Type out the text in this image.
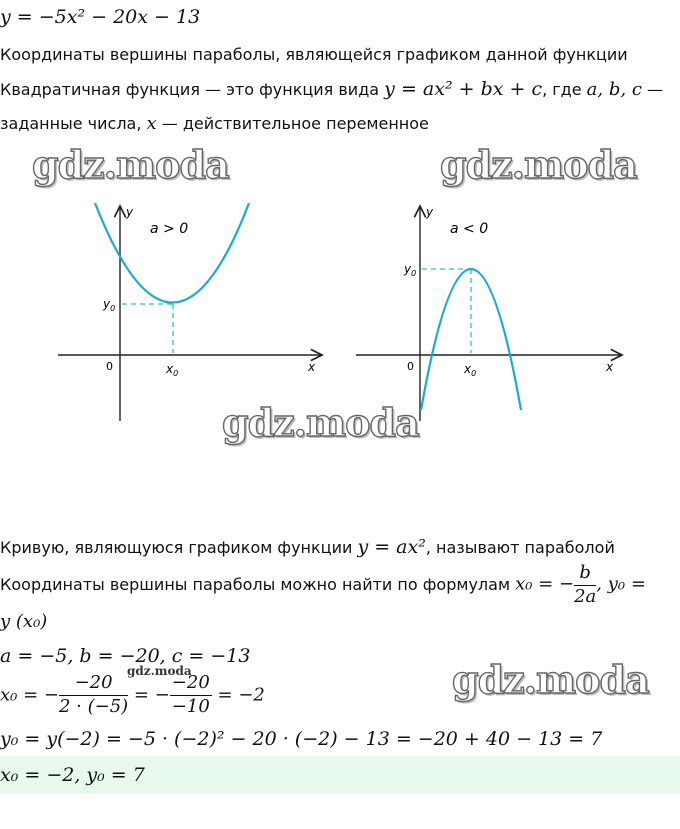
y = −5x² − 20x − 13
Координаты вершины параболы, являющейся графиком данной функции
Квадратичная функция — это функция вида y = ax² + bx + c, где a, b, c —
заданные числа, x — действительное переменное
gdz.moda	gdz.moda
gdz.moda
gdz.moda
y
x
0
a > 0
$y_0$
$x_0$
y
x
0
a < 0
$y_0$
$x_0$
Кривую, являющуюся графиком функции y = ax², называют параболой
Координаты вершины параболы можно найти по формулам x₀ = − $\frac{b}{2a}$ , y₀ =
y (x₀)
a = −5, b = −20, c = −13
gdz.moda
x₀ = − $\frac{-20}{2 \cdot (-5)}$ = − $\frac{-20}{-10} = -2$
y₀ = y(−2) = −5 · (−2)² − 20 · (−2) − 13 = −20 + 40 − 13 = 7
x₀ = −2, y₀ = 7
